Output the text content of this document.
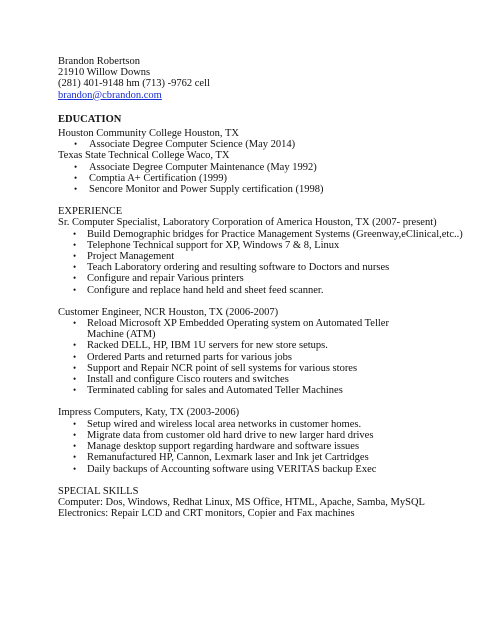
Brandon Robertson
21910 Willow Downs
(281) 401-9148 hm (713) -9762 cell
brandon@cbrandon.com
EDUCATION
Houston Community College Houston, TX
• Associate Degree Computer Science (May 2014)
Texas State Technical College Waco, TX
• Associate Degree Computer Maintenance (May 1992)
• Comptia A+ Certification (1999)
• Sencore Monitor and Power Supply certification (1998)
EXPERIENCE
Sr. Computer Specialist, Laboratory Corporation of America Houston, TX (2007- present)
• Build Demographic bridges for Practice Management Systems (Greenway,eClinical,etc..)
• Telephone Technical support for XP, Windows 7 & 8, Linux
• Project Management
• Teach Laboratory ordering and resulting software to Doctors and nurses
• Configure and repair Various printers
• Configure and replace hand held and sheet feed scanner.
Customer Engineer, NCR Houston, TX (2006-2007)
• Reload Microsoft XP Embedded Operating system on Automated Teller Machine (ATM)
• Racked DELL, HP, IBM 1U servers for new store setups.
• Ordered Parts and returned parts for various jobs
• Support and Repair NCR point of sell systems for various stores
• Install and configure Cisco routers and switches
• Terminated cabling for sales and Automated Teller Machines
Impress Computers, Katy, TX (2003-2006)
• Setup wired and wireless local area networks in customer homes.
• Migrate data from customer old hard drive to new larger hard drives
• Manage desktop support regarding hardware and software issues
• Remanufactured HP, Cannon, Lexmark laser and Ink jet Cartridges
• Daily backups of Accounting software using VERITAS backup Exec
SPECIAL SKILLS
Computer: Dos, Windows, Redhat Linux, MS Office, HTML, Apache, Samba, MySQL
Electronics: Repair LCD and CRT monitors, Copier and Fax machines
